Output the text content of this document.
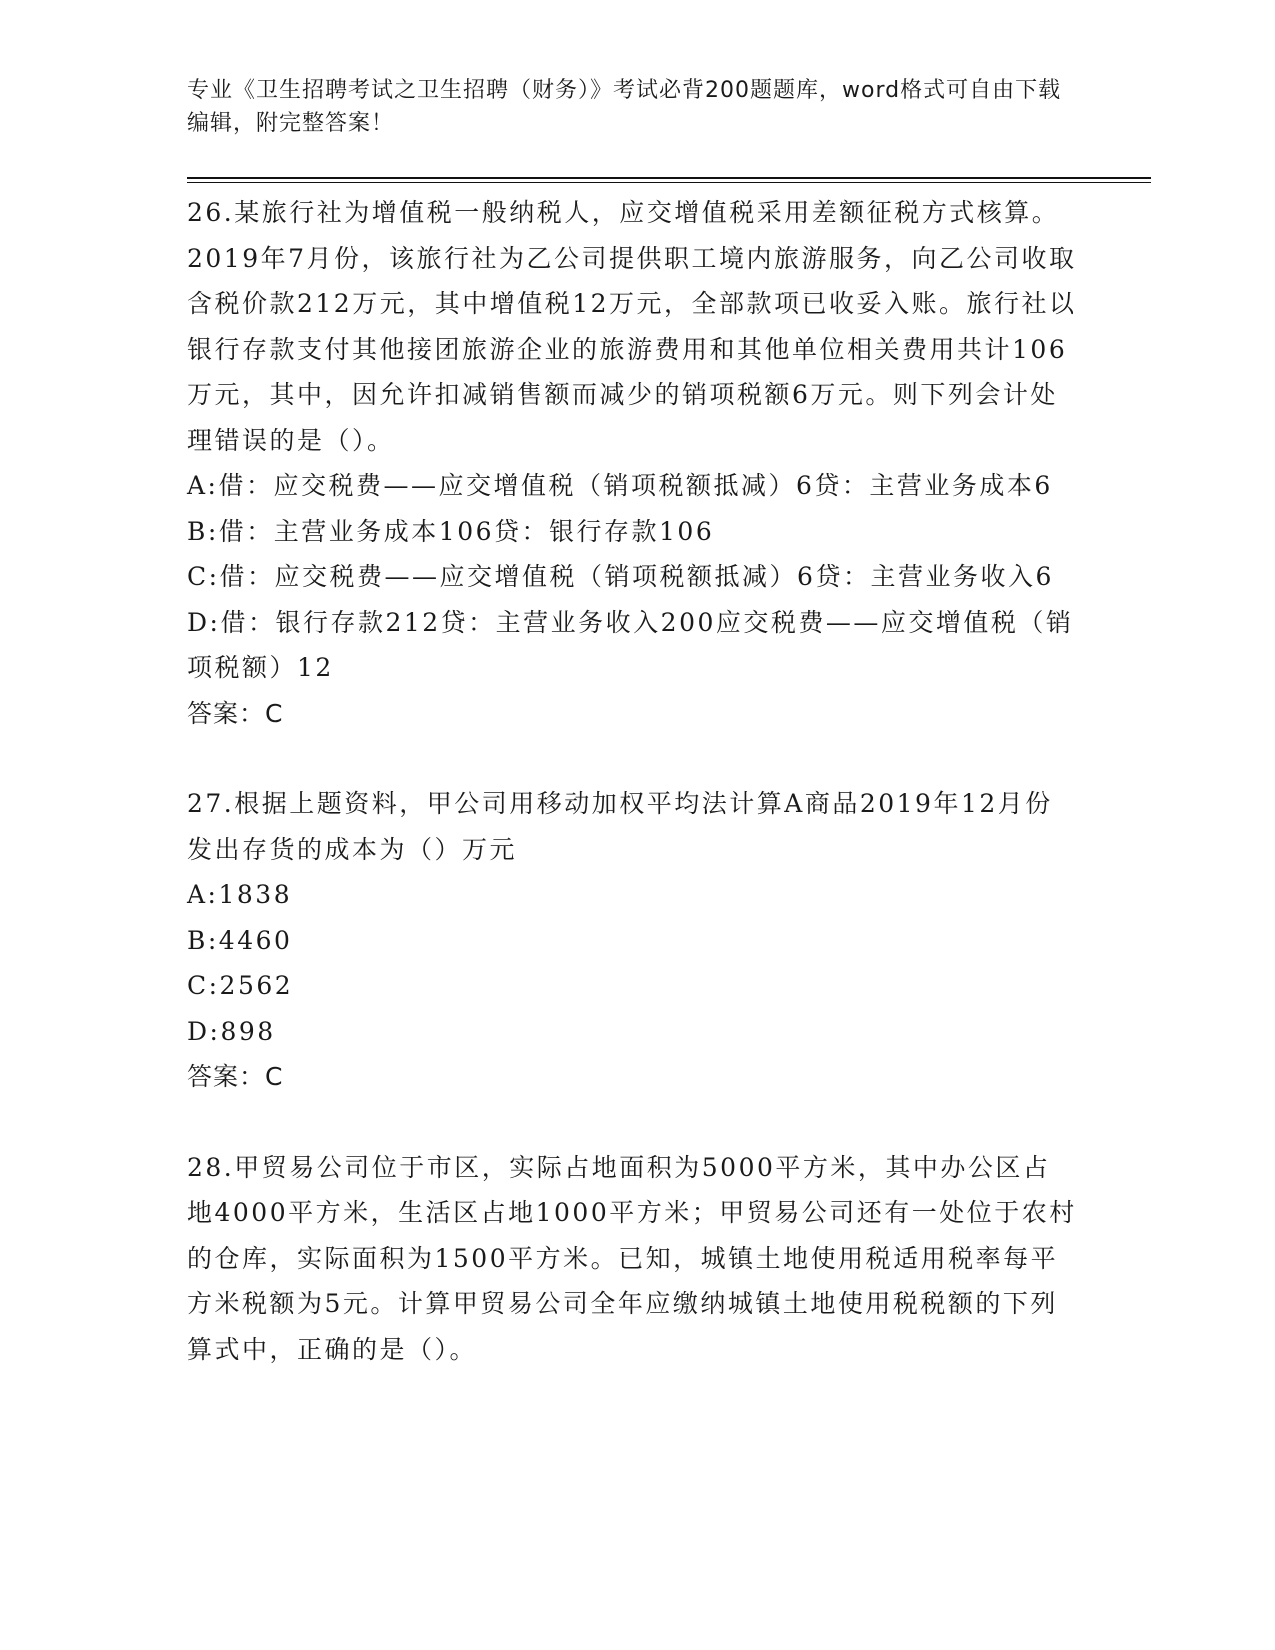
专业《卫生招聘考试之卫生招聘（财务）》考试必背200题题库，word格式可自由下载编辑，附完整答案！

26.某旅行社为增值税一般纳税人，应交增值税采用差额征税方式核算。2019年7月份，该旅行社为乙公司提供职工境内旅游服务，向乙公司收取含税价款212万元，其中增值税12万元，全部款项已收妥入账。旅行社以银行存款支付其他接团旅游企业的旅游费用和其他单位相关费用共计106万元，其中，因允许扣减销售额而减少的销项税额6万元。则下列会计处理错误的是（）。

A:借：应交税费——应交增值税（销项税额抵减）6贷：主营业务成本6

B:借：主营业务成本106贷：银行存款106

C:借：应交税费——应交增值税（销项税额抵减）6贷：主营业务收入6

D:借：银行存款212贷：主营业务收入200应交税费——应交增值税（销项税额）12

答案：C

27.根据上题资料，甲公司用移动加权平均法计算A商品2019年12月份发出存货的成本为（）万元

A:1838

B:4460

C:2562

D:898

答案：C

28.甲贸易公司位于市区，实际占地面积为5000平方米，其中办公区占地4000平方米，生活区占地1000平方米；甲贸易公司还有一处位于农村的仓库，实际面积为1500平方米。已知，城镇土地使用税适用税率每平方米税额为5元。计算甲贸易公司全年应缴纳城镇土地使用税税额的下列算式中，正确的是（）。
